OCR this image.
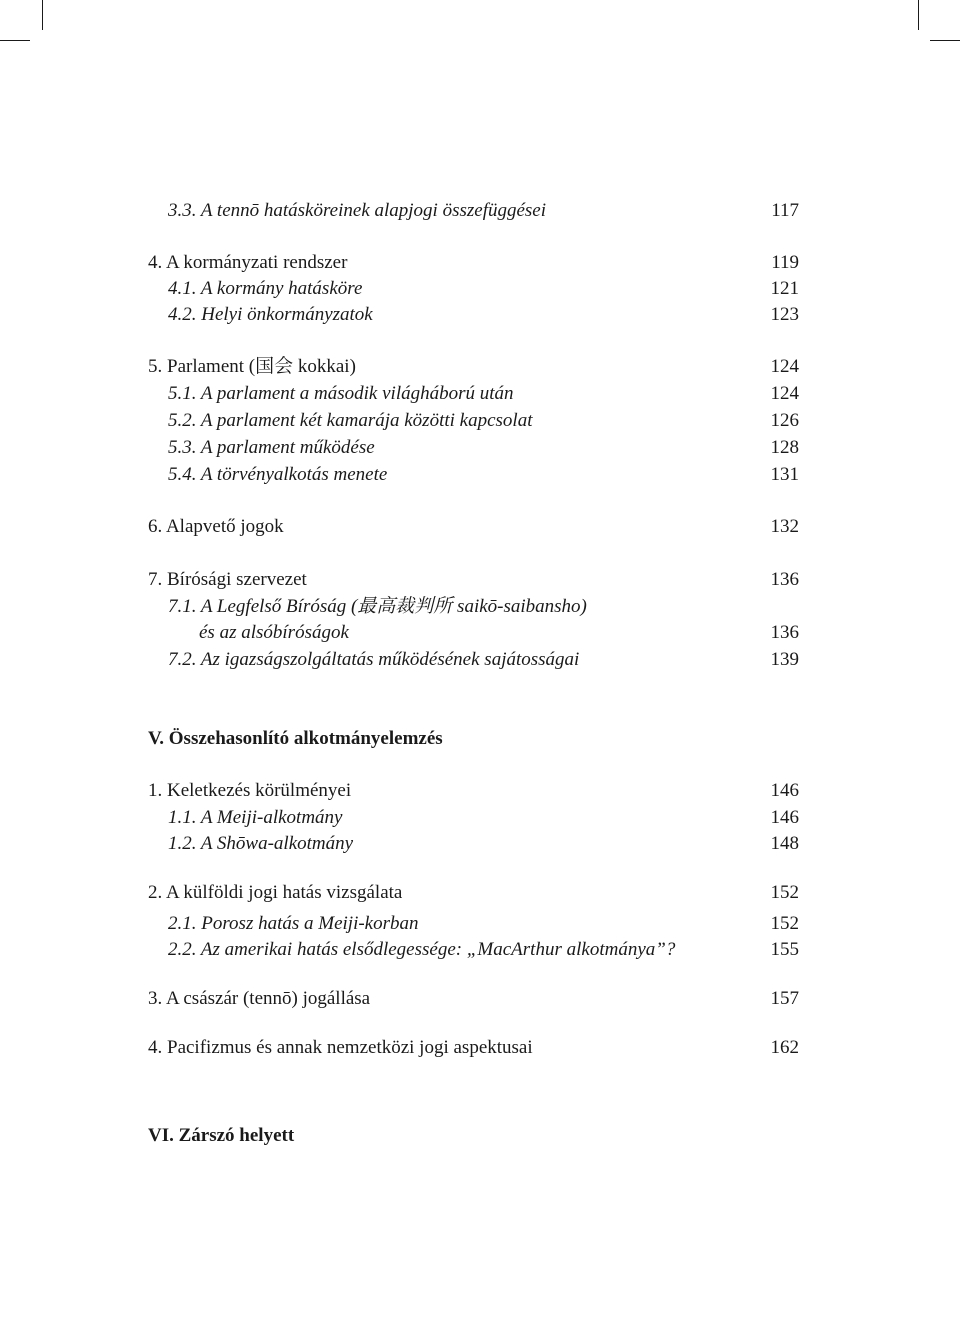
3.3. A tennō hatásköreinek alapjogi összefüggései	117
4. A kormányzati rendszer	119
4.1. A kormány hatásköre	121
4.2. Helyi önkormányzatok	123
5. Parlament (国会 kokkai)	124
5.1. A parlament a második világháború után	124
5.2. A parlament két kamarája közötti kapcsolat	126
5.3. A parlament működése	128
5.4. A törvényalkotás menete	131
6. Alapvető jogok	132
7. Bírósági szervezet	136
7.1. A Legfelső Bíróság (最高裁判所 saikō-saibansho)
és az alsóbíróságok	136
7.2. Az igazságszolgáltatás működésének sajátosságai	139
V. Összehasonlító alkotmányelemzés
1. Keletkezés körülményei	146
1.1. A Meiji-alkotmány	146
1.2. A Shōwa-alkotmány	148
2. A külföldi jogi hatás vizsgálata	152
2.1. Porosz hatás a Meiji-korban	152
2.2. Az amerikai hatás elsődlegessége: „MacArthur alkotmánya”?	155
3. A császár (tennō) jogállása	157
4. Pacifizmus és annak nemzetközi jogi aspektusai	162
VI. Zárszó helyett
